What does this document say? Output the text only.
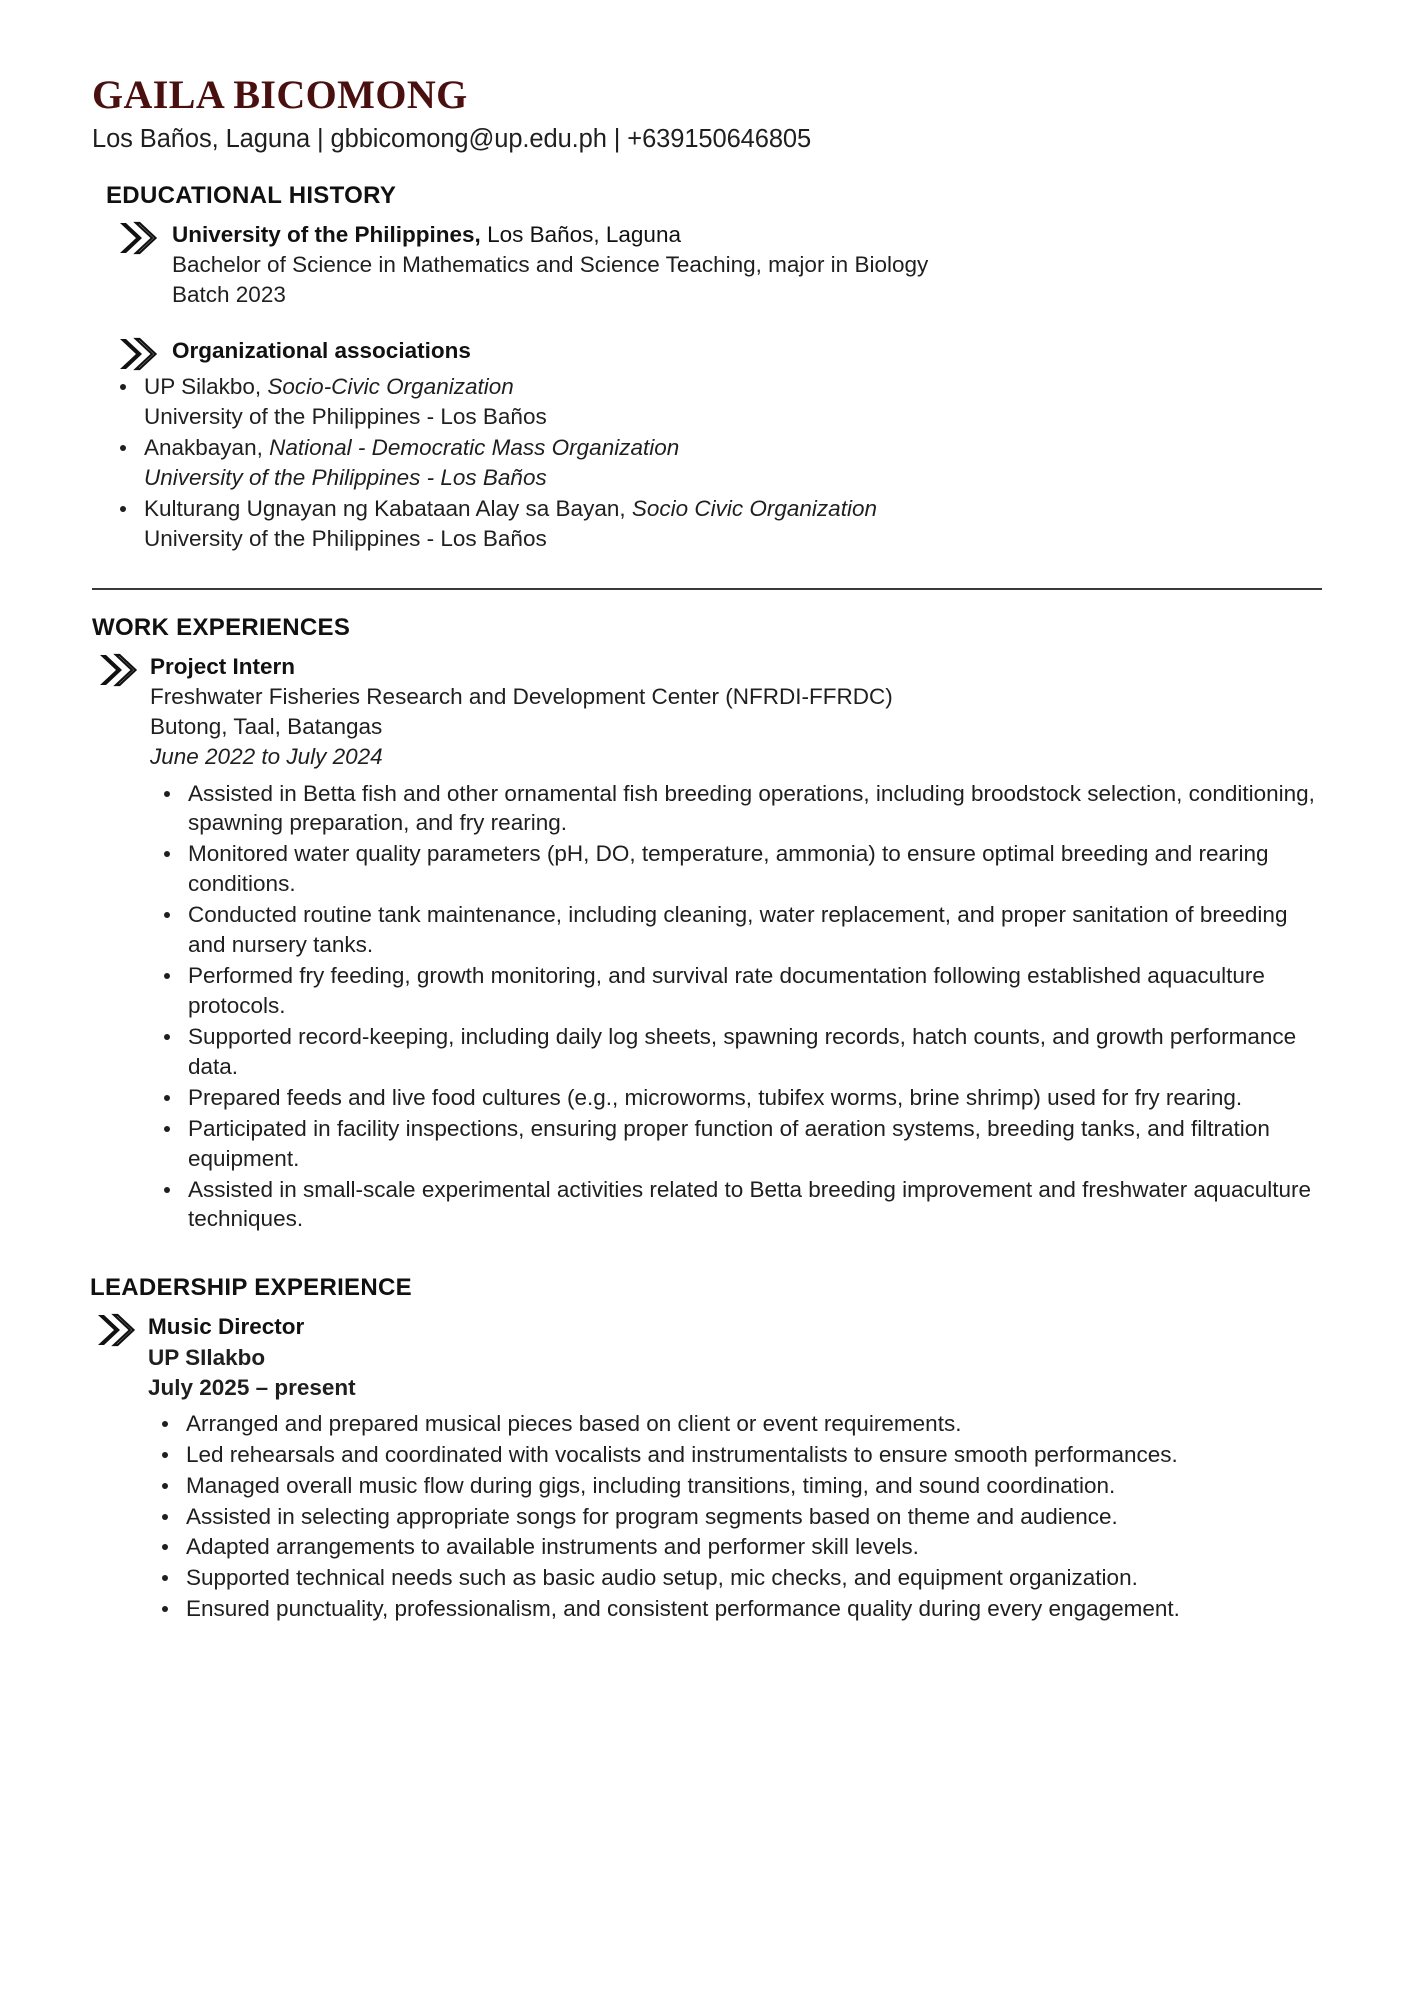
GAILA BICOMONG
Los Baños, Laguna | gbbicomong@up.edu.ph | +639150646805
EDUCATIONAL HISTORY
University of the Philippines, Los Baños, Laguna
Bachelor of Science in Mathematics and Science Teaching, major in Biology
Batch 2023
Organizational associations
UP Silakbo, Socio-Civic Organization
University of the Philippines - Los Baños
Anakbayan, National - Democratic Mass Organization
University of the Philippines - Los Baños
Kulturang Ugnayan ng Kabataan Alay sa Bayan, Socio Civic Organization
University of the Philippines - Los Baños
WORK EXPERIENCES
Project Intern
Freshwater Fisheries Research and Development Center (NFRDI-FFRDC)
Butong, Taal, Batangas
June 2022 to July 2024
Assisted in Betta fish and other ornamental fish breeding operations, including broodstock selection, conditioning, spawning preparation, and fry rearing.
Monitored water quality parameters (pH, DO, temperature, ammonia) to ensure optimal breeding and rearing conditions.
Conducted routine tank maintenance, including cleaning, water replacement, and proper sanitation of breeding and nursery tanks.
Performed fry feeding, growth monitoring, and survival rate documentation following established aquaculture protocols.
Supported record-keeping, including daily log sheets, spawning records, hatch counts, and growth performance data.
Prepared feeds and live food cultures (e.g., microworms, tubifex worms, brine shrimp) used for fry rearing.
Participated in facility inspections, ensuring proper function of aeration systems, breeding tanks, and filtration equipment.
Assisted in small-scale experimental activities related to Betta breeding improvement and freshwater aquaculture techniques.
LEADERSHIP EXPERIENCE
Music Director
UP SIlakbo
July 2025 – present
Arranged and prepared musical pieces based on client or event requirements.
Led rehearsals and coordinated with vocalists and instrumentalists to ensure smooth performances.
Managed overall music flow during gigs, including transitions, timing, and sound coordination.
Assisted in selecting appropriate songs for program segments based on theme and audience.
Adapted arrangements to available instruments and performer skill levels.
Supported technical needs such as basic audio setup, mic checks, and equipment organization.
Ensured punctuality, professionalism, and consistent performance quality during every engagement.
